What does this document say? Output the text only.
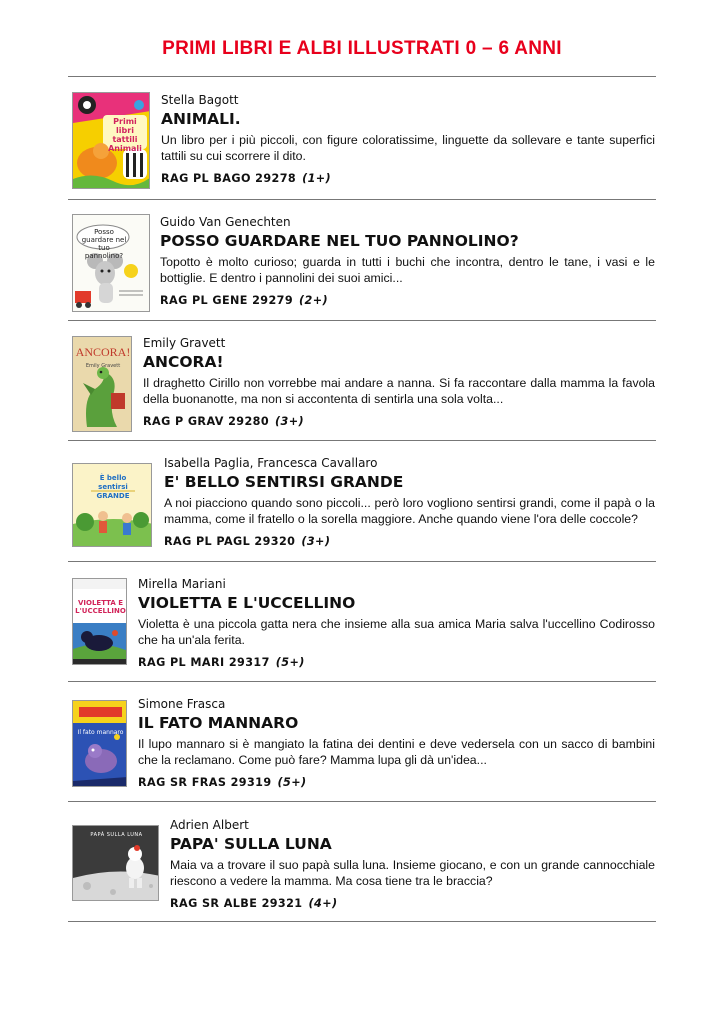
PRIMI LIBRI E ALBI ILLUSTRATI 0 – 6 ANNI
Primi libri tattili Animali
Stella Bagott
ANIMALI.
Un libro per i più piccoli, con figure coloratissime, linguette da sollevare e tante superfici tattili su cui scorrere il dito.
RAG PL BAGO 29278 (1+)
Posso guardare nel tuo pannolino?
Guido Van Genechten
POSSO GUARDARE NEL TUO PANNOLINO?
Topotto è molto curioso; guarda in tutti i buchi che incontra, dentro le tane, i vasi e le bottiglie. E dentro i pannolini dei suoi amici...
RAG PL GENE 29279 (2+)
ANCORA!
Emily Gravett
Emily Gravett
ANCORA!
Il draghetto Cirillo non vorrebbe mai andare a nanna. Si fa raccontare dalla mamma la favola della buonanotte, ma non si accontenta di sentirla una sola volta...
RAG P GRAV 29280 (3+)
È bello sentirsi GRANDE
Isabella Paglia, Francesca Cavallaro
E' BELLO SENTIRSI GRANDE
A noi piacciono quando sono piccoli... però loro vogliono sentirsi grandi, come il papà o la mamma, come il fratello o la sorella maggiore. Anche quando viene l'ora delle coccole?
RAG PL PAGL 29320 (3+)
VIOLETTA E L'UCCELLINO
Mirella Mariani
VIOLETTA E L'UCCELLINO
Violetta è una piccola gatta nera che insieme alla sua amica Maria salva l'uccellino Codirosso che ha un'ala ferita.
RAG PL MARI 29317 (5+)
Il fato mannaro
Simone Frasca
IL FATO MANNARO
Il lupo mannaro si è mangiato la fatina dei dentini e deve vedersela con un sacco di bambini che la reclamano. Come può fare? Mamma lupa gli dà un'idea...
RAG SR FRAS 29319 (5+)
PAPÀ SULLA LUNA
Adrien Albert
PAPA' SULLA LUNA
Maia va a trovare il suo papà sulla luna. Insieme giocano, e con un grande cannocchiale riescono a vedere la mamma. Ma cosa tiene tra le braccia?
RAG SR ALBE 29321 (4+)
